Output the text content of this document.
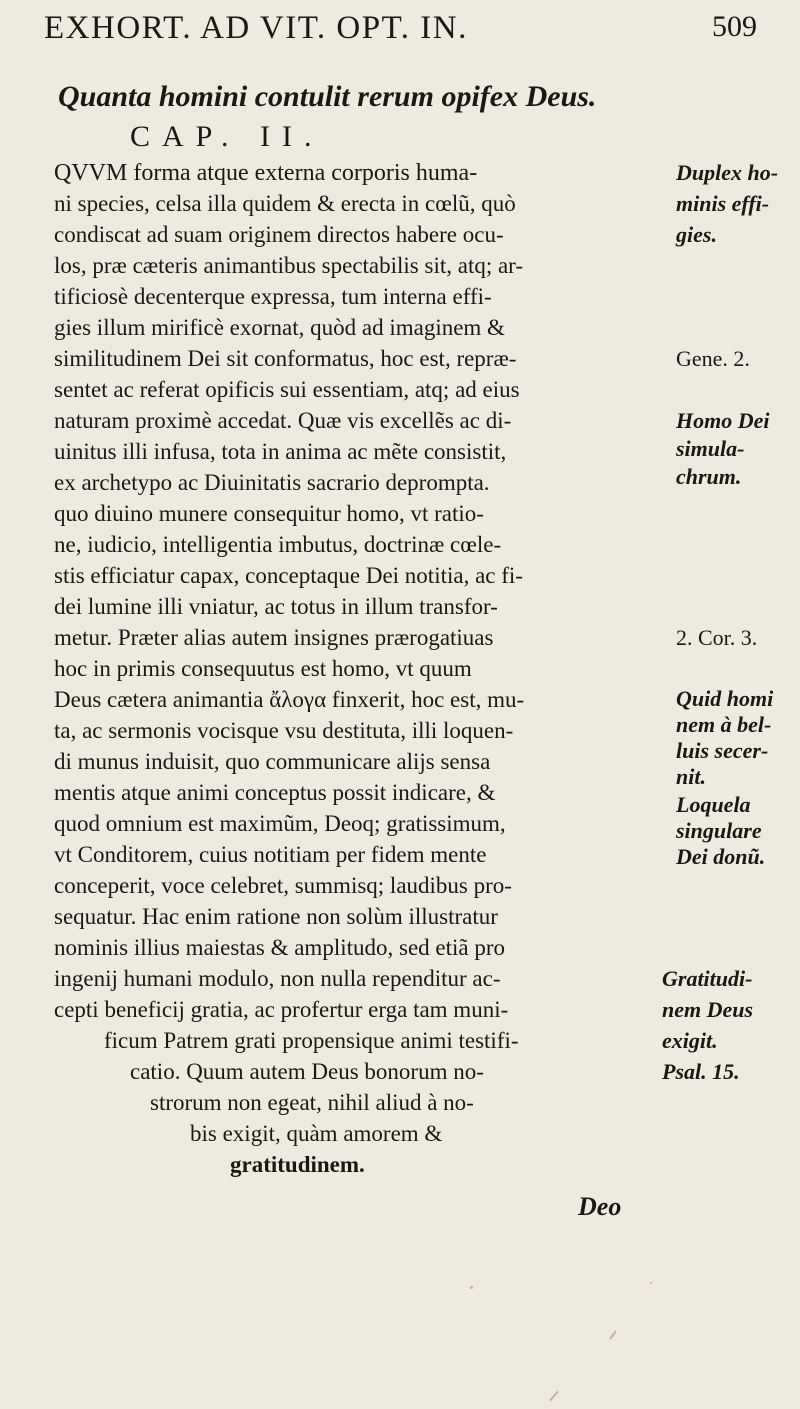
EXHORT. AD VIT. OPT. IN.	509
Quanta homini contulit rerum opifex Deus.
CAP. II.
QVVM forma atque externa corporis huma-
ni species, celsa illa quidem & erecta in cœlũ, quò
condiscat ad suam originem directos habere ocu-
los, præ cæteris animantibus spectabilis sit, atq; ar-
tificiosè decenterque expressa, tum interna effi-
gies illum mirificè exornat, quòd ad imaginem &
similitudinem Dei sit conformatus, hoc est, repræ-
sentet ac referat opificis sui essentiam, atq; ad eius
naturam proximè accedat. Quæ vis excellẽs ac di-
uinitus illi infusa, tota in anima ac mẽte consistit,
ex archetypo ac Diuinitatis sacrario deprompta.
quo diuino munere consequitur homo, vt ratio-
ne, iudicio, intelligentia imbutus, doctrinæ cœle-
stis efficiatur capax, conceptaque Dei notitia, ac fi-
dei lumine illi vniatur, ac totus in illum transfor-
metur. Præter alias autem insignes prærogatiuas
hoc in primis consequutus est homo, vt quum
Deus cætera animantia ἄλογα finxerit, hoc est, mu-
ta, ac sermonis vocisque vsu destituta, illi loquen-
di munus induisit, quo communicare alijs sensa
mentis atque animi conceptus possit indicare, &
quod omnium est maximũm, Deoq; gratissimum,
vt Conditorem, cuius notitiam per fidem mente
conceperit, voce celebret, summisq; laudibus pro-
sequatur. Hac enim ratione non solùm illustratur
nominis illius maiestas & amplitudo, sed etiã pro
ingenij humani modulo, non nulla rependitur ac-
cepti beneficij gratia, ac profertur erga tam muni-
ficum Patrem grati propensique animi testifi-
catio. Quum autem Deus bonorum no-
strorum non egeat, nihil aliud à no-
bis exigit, quàm amorem &
gratitudinem.
Duplex ho-
minis effi-
gies.
Gene. 2.
Homo Dei
simula-
chrum.
2. Cor. 3.
Quid homi
nem à bel-
luis secer-
nit.
Loquela
singulare
Dei donũ.
Gratitudi-
nem Deus
exigit.
Psal. 15.
Deo
